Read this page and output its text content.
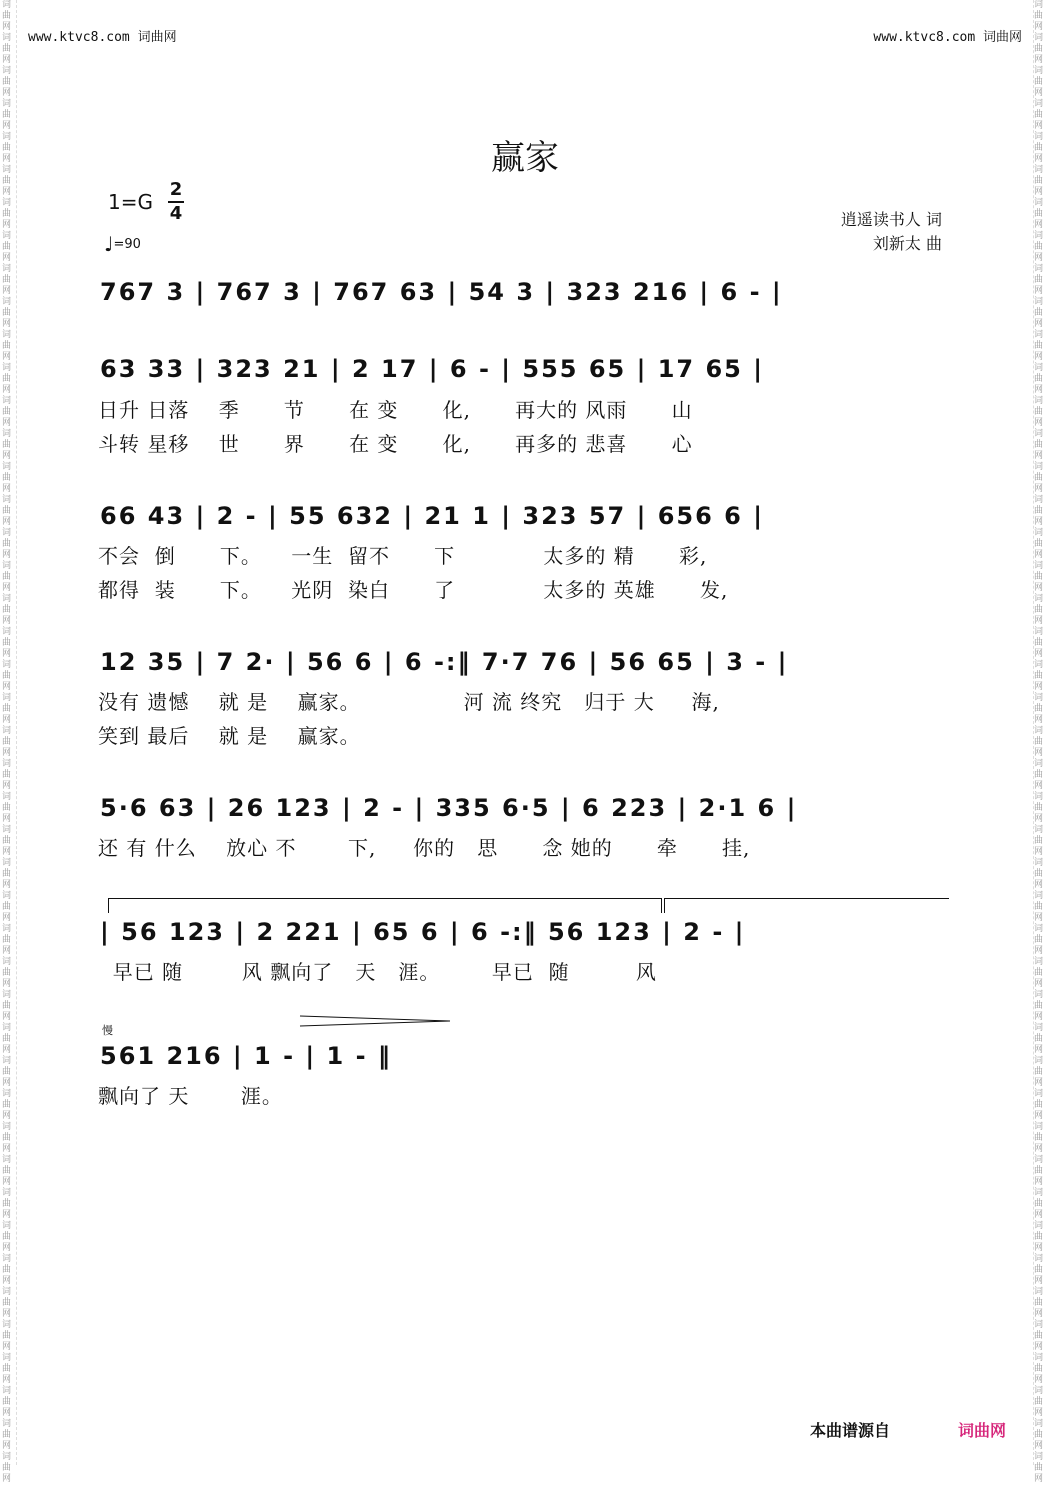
词曲网词曲网词曲网词曲网词曲网词曲网词曲网词曲网词曲网词曲网词曲网词曲网词曲网词曲网词曲网词曲网词曲网词曲网词曲网词曲网词曲网词曲网词曲网词曲网词曲网词曲网词曲网词曲网词曲网词曲网词曲网词曲网词曲网词曲网词曲网词曲网词曲网词曲网词曲网词曲网词曲网词曲网词曲网词曲网词曲网
词曲网词曲网词曲网词曲网词曲网词曲网词曲网词曲网词曲网词曲网词曲网词曲网词曲网词曲网词曲网词曲网词曲网词曲网词曲网词曲网词曲网词曲网词曲网词曲网词曲网词曲网词曲网词曲网词曲网词曲网词曲网词曲网词曲网词曲网词曲网词曲网词曲网词曲网词曲网词曲网词曲网词曲网词曲网词曲网词曲网
www.ktvc8.com 词曲网	www.ktvc8.com 词曲网
赢家
1=G
2
4
♩=90
逍遥读书人 词
刘新太 曲
767 3 | 767 3 | 767 63 | 54 3 | 323 216 | 6 - |
63 33 | 323 21 | 2 17 | 6 - | 555 65 | 17 65 |
日升 日落    季      节      在 变      化,      再大的 风雨      山
斗转 星移    世      界      在 变      化,      再多的 悲喜      心
66 43 | 2 - | 55 632 | 21 1 | 323 57 | 656 6 |
不会  倒      下。    一生  留不      下            太多的 精      彩,
都得  装      下。    光阴  染白      了            太多的 英雄      发,
12 35 | 7 2· | 56 6 | 6 -:‖ 7·7 76 | 56 65 | 3 - |
没有 遗憾    就 是    赢家。              河 流 终究   归于 大     海,
笑到 最后    就 是    赢家。
5·6 63 | 26 123 | 2 - | 335 6·5 | 6 223 | 2·1 6 |
还 有 什么    放心 不       下,     你的   思      念 她的      牵      挂,
| 56 123 | 2 221 | 65 6 | 6 -:‖ 56 123 | 2 - |
早已 随        风 飘向了   天   涯。       早已  随         风
慢
561 216 | 1 - | 1 - ‖
飘向了 天       涯。
本曲谱源自	词曲网
